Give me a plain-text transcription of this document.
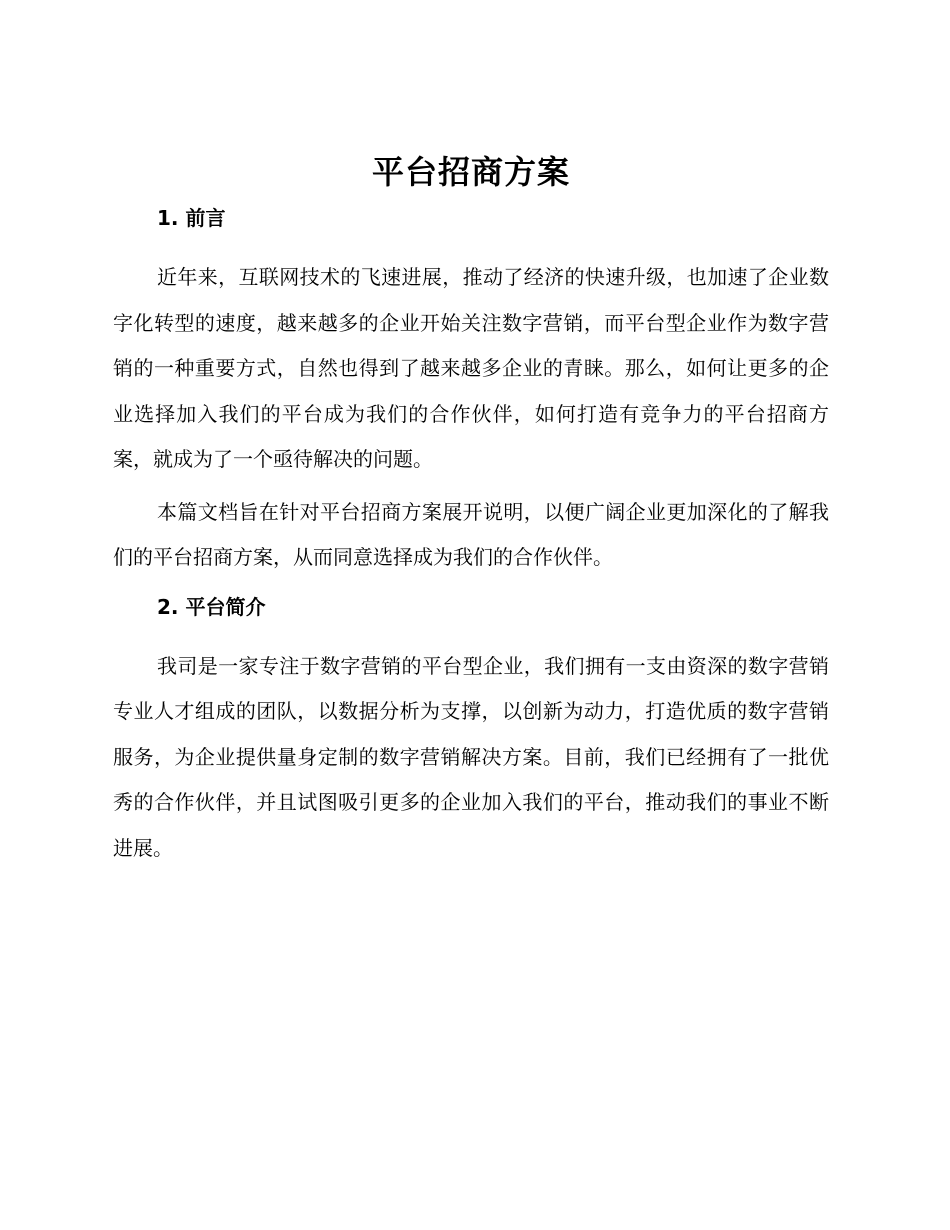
平台招商方案
1. 前言

近年来，互联网技术的飞速进展，推动了经济的快速升级，也加速了企业数字化转型的速度，越来越多的企业开始关注数字营销，而平台型企业作为数字营销的一种重要方式，自然也得到了越来越多企业的青睐。那么，如何让更多的企业选择加入我们的平台成为我们的合作伙伴，如何打造有竞争力的平台招商方案，就成为了一个亟待解决的问题。

本篇文档旨在针对平台招商方案展开说明，以便广阔企业更加深化的了解我们的平台招商方案，从而同意选择成为我们的合作伙伴。

2. 平台简介

我司是一家专注于数字营销的平台型企业，我们拥有一支由资深的数字营销专业人才组成的团队，以数据分析为支撑，以创新为动力，打造优质的数字营销服务，为企业提供量身定制的数字营销解决方案。目前，我们已经拥有了一批优秀的合作伙伴，并且试图吸引更多的企业加入我们的平台，推动我们的事业不断进展。
